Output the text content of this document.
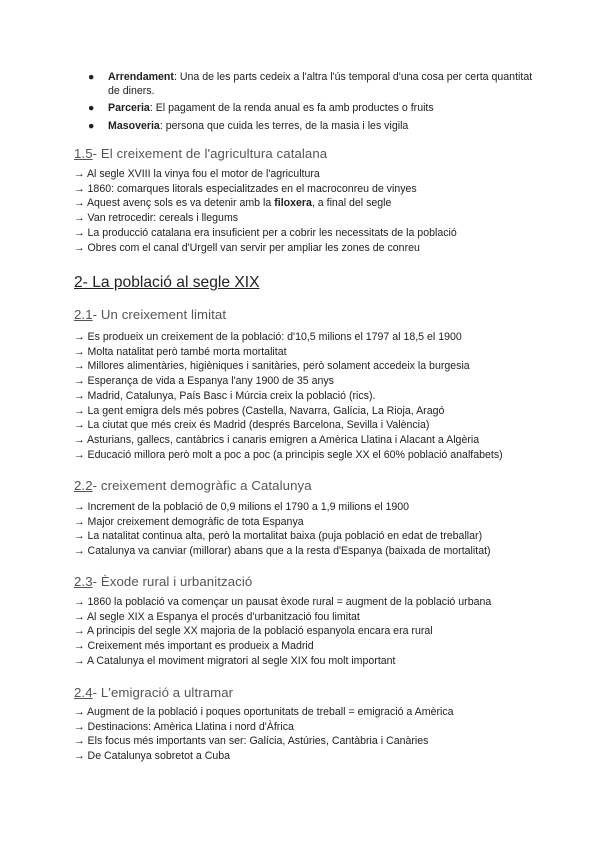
● Arrendament: Una de les parts cedeix a l'altra l'ús temporal d'una cosa per certa quantitat de diners.
● Parceria: El pagament de la renda anual es fa amb productes o fruits
● Masoveria: persona que cuida les terres, de la masia i les vigila
1.5- El creixement de l'agricultura catalana
→ Al segle XVIII la vinya fou el motor de l'agricultura
→ 1860: comarques litorals especialitzades en el macroconreu de vinyes
→ Aquest avenç sols es va detenir amb la filoxera, a final del segle
→ Van retrocedir: cereals i llegums
→ La producció catalana era insuficient per a cobrir les necessitats de la població
→ Obres com el canal d'Urgell van servir per ampliar les zones de conreu
2- La població al segle XIX
2.1- Un creixement limitat
→ Es produeix un creixement de la població: d'10,5 milions el 1797 al 18,5 el 1900
→ Molta natalitat però també morta mortalitat
→ Millores alimentàries, higièniques i sanitàries, però solament accedeix la burgesia
→ Esperança de vida a Espanya l'any 1900 de 35 anys
→ Madrid, Catalunya, País Basc i Múrcia creix la població (rics).
→ La gent emigra dels més pobres (Castella, Navarra, Galícia, La Rioja, Aragó
→ La ciutat que més creix és Madrid (després Barcelona, Sevilla i València)
→ Asturians, gallecs, cantàbrics i canaris emigren a Amèrica Llatina i Alacant a Algèria
→ Educació millora però molt a poc a poc (a principis segle XX el 60% població analfabets)
2.2- creixement demogràfic a Catalunya
→ Increment de la població de 0,9 milions el 1790 a 1,9 milions el 1900
→ Major creixement demogràfic de tota Espanya
→ La natalitat continua alta, però la mortalitat baixa (puja població en edat de treballar)
→ Catalunya va canviar (millorar) abans que a la resta d'Espanya (baixada de mortalitat)
2.3- Èxode rural i urbanització
→ 1860 la població va començar un pausat èxode rural = augment de la població urbana
→ Al segle XIX a Espanya el procés d'urbanització fou limitat
→ A principis del segle XX majoria de la població espanyola encara era rural
→ Creixement més important es produeix a Madrid
→ A Catalunya el moviment migratori al segle XIX fou molt important
2.4- L'emigració a ultramar
→ Augment de la població i poques oportunitats de treball = emigració a Amèrica
→ Destinacions: Amèrica Llatina i nord d'Àfrica
→ Els focus més importants van ser: Galícia, Astúries, Cantàbria i Canàries
→ De Catalunya sobretot a Cuba
